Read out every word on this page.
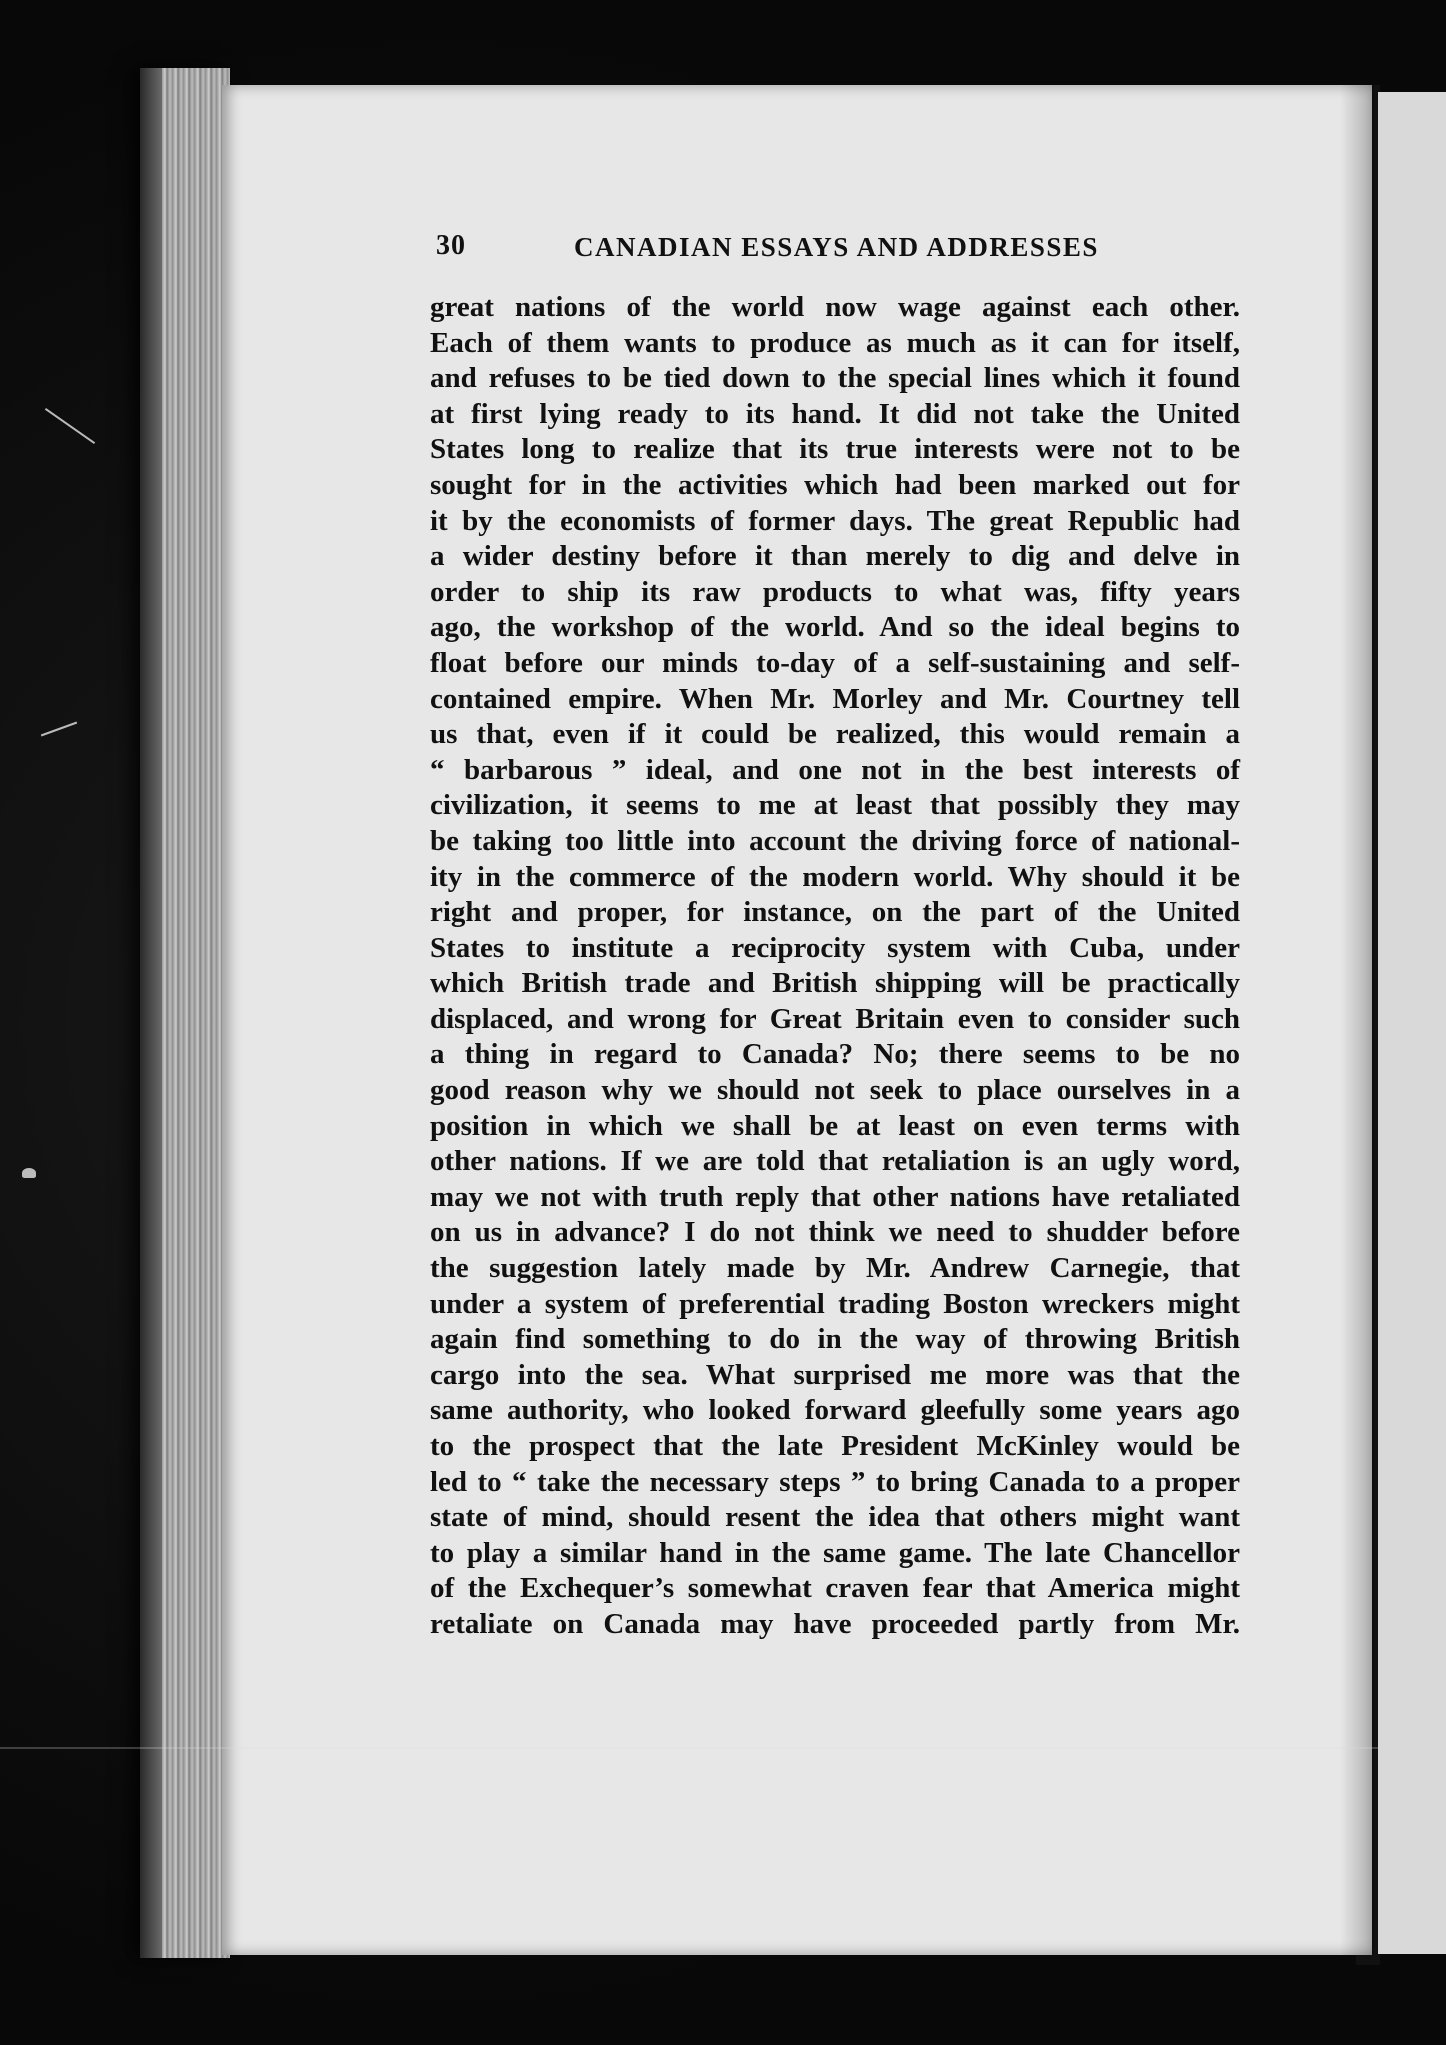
30	CANADIAN ESSAYS AND ADDRESSES
great nations of the world now wage against each other.
Each of them wants to produce as much as it can for itself,
and refuses to be tied down to the special lines which it found
at first lying ready to its hand. It did not take the United
States long to realize that its true interests were not to be
sought for in the activities which had been marked out for
it by the economists of former days. The great Republic had
a wider destiny before it than merely to dig and delve in
order to ship its raw products to what was, fifty years
ago, the workshop of the world. And so the ideal begins to
float before our minds to-day of a self-sustaining and self-
contained empire. When Mr. Morley and Mr. Courtney tell
us that, even if it could be realized, this would remain a
“ barbarous ” ideal, and one not in the best interests of
civilization, it seems to me at least that possibly they may
be taking too little into account the driving force of national-
ity in the commerce of the modern world. Why should it be
right and proper, for instance, on the part of the United
States to institute a reciprocity system with Cuba, under
which British trade and British shipping will be practically
displaced, and wrong for Great Britain even to consider such
a thing in regard to Canada? No; there seems to be no
good reason why we should not seek to place ourselves in a
position in which we shall be at least on even terms with
other nations. If we are told that retaliation is an ugly word,
may we not with truth reply that other nations have retaliated
on us in advance? I do not think we need to shudder before
the suggestion lately made by Mr. Andrew Carnegie, that
under a system of preferential trading Boston wreckers might
again find something to do in the way of throwing British
cargo into the sea. What surprised me more was that the
same authority, who looked forward gleefully some years ago
to the prospect that the late President McKinley would be
led to “ take the necessary steps ” to bring Canada to a proper
state of mind, should resent the idea that others might want
to play a similar hand in the same game. The late Chancellor
of the Exchequer’s somewhat craven fear that America might
retaliate on Canada may have proceeded partly from Mr.
